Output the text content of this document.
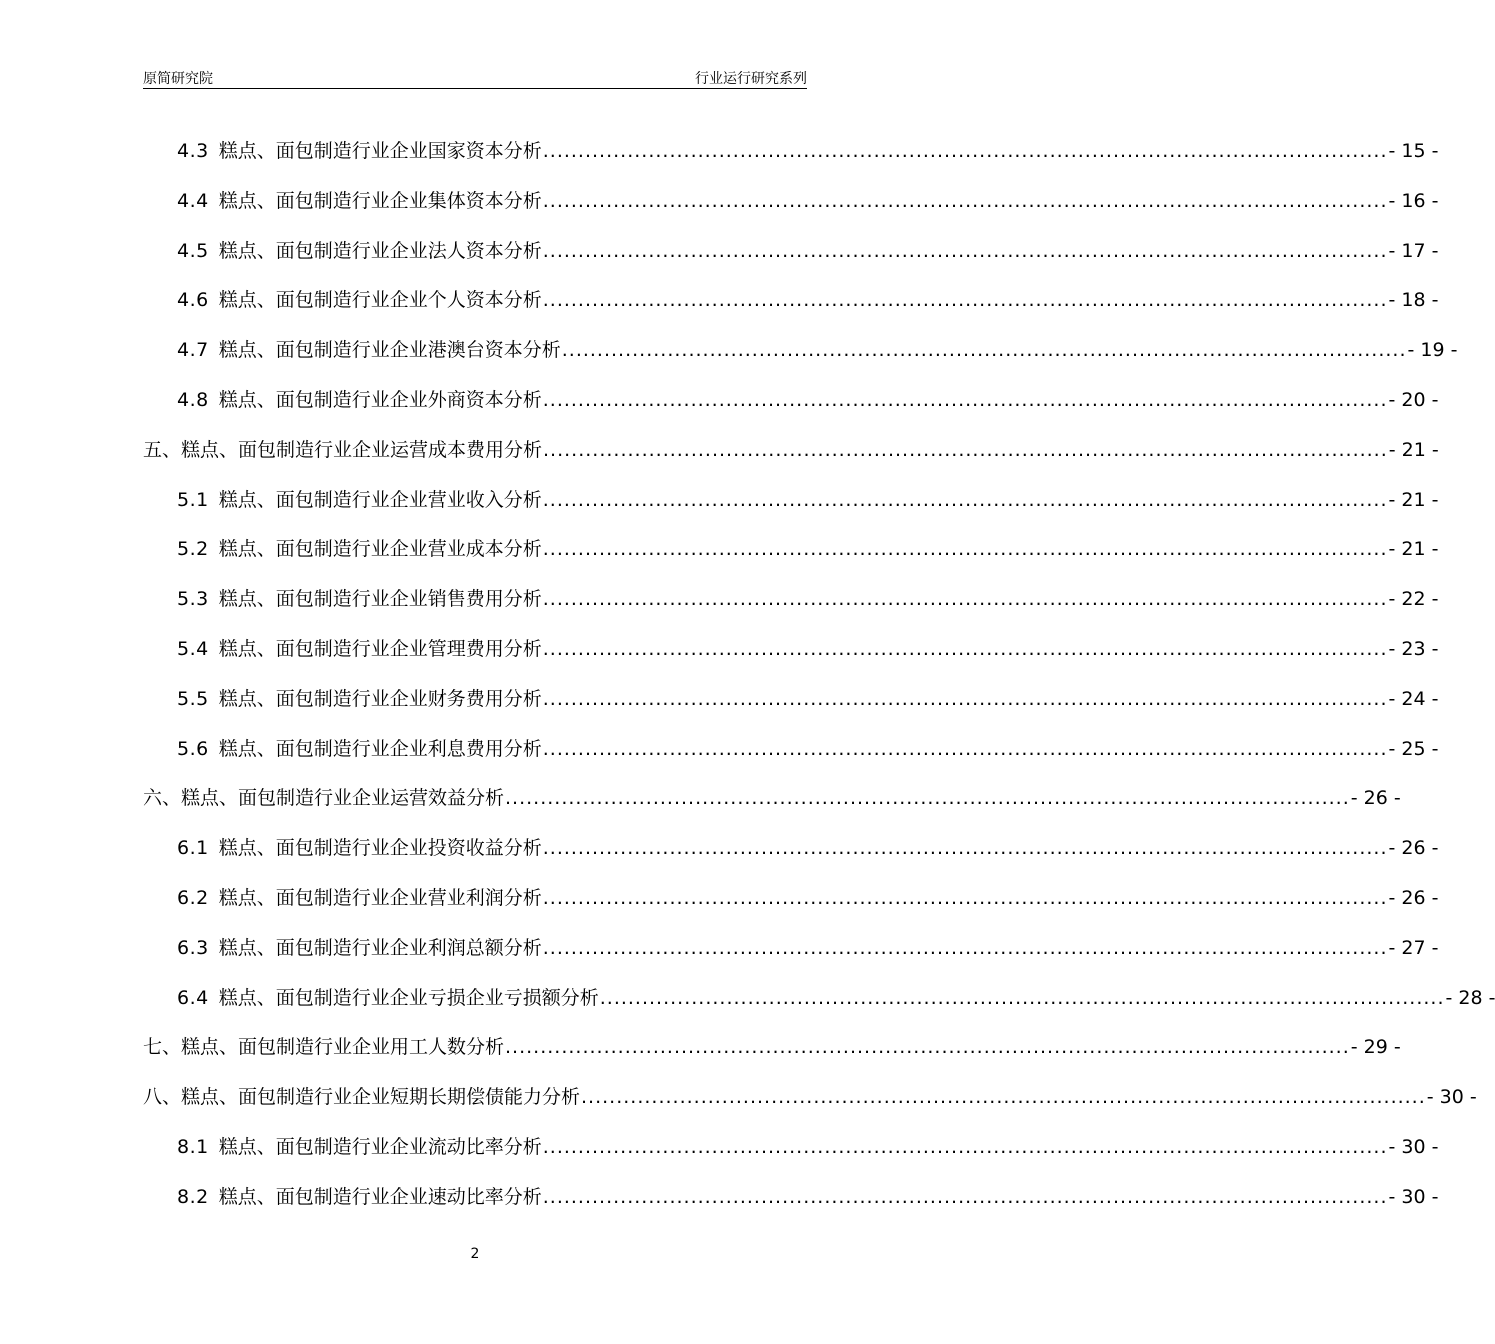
原简研究院	行业运行研究系列
4.3 糕点、面包制造行业企业国家资本分析 ........................................................................................................................ - 15 -
4.4 糕点、面包制造行业企业集体资本分析 ........................................................................................................................ - 16 -
4.5 糕点、面包制造行业企业法人资本分析 ........................................................................................................................ - 17 -
4.6 糕点、面包制造行业企业个人资本分析 ........................................................................................................................ - 18 -
4.7 糕点、面包制造行业企业港澳台资本分析 ........................................................................................................................ - 19 -
4.8 糕点、面包制造行业企业外商资本分析 ........................................................................................................................ - 20 -
五、糕点、面包制造行业企业运营成本费用分析 ........................................................................................................................ - 21 -
5.1 糕点、面包制造行业企业营业收入分析 ........................................................................................................................ - 21 -
5.2 糕点、面包制造行业企业营业成本分析 ........................................................................................................................ - 21 -
5.3 糕点、面包制造行业企业销售费用分析 ........................................................................................................................ - 22 -
5.4 糕点、面包制造行业企业管理费用分析 ........................................................................................................................ - 23 -
5.5 糕点、面包制造行业企业财务费用分析 ........................................................................................................................ - 24 -
5.6 糕点、面包制造行业企业利息费用分析 ........................................................................................................................ - 25 -
六、糕点、面包制造行业企业运营效益分析 ........................................................................................................................ - 26 -
6.1 糕点、面包制造行业企业投资收益分析 ........................................................................................................................ - 26 -
6.2 糕点、面包制造行业企业营业利润分析 ........................................................................................................................ - 26 -
6.3 糕点、面包制造行业企业利润总额分析 ........................................................................................................................ - 27 -
6.4 糕点、面包制造行业企业亏损企业亏损额分析 ........................................................................................................................ - 28 -
七、糕点、面包制造行业企业用工人数分析 ........................................................................................................................ - 29 -
八、糕点、面包制造行业企业短期长期偿债能力分析 ........................................................................................................................ - 30 -
8.1 糕点、面包制造行业企业流动比率分析 ........................................................................................................................ - 30 -
8.2 糕点、面包制造行业企业速动比率分析 ........................................................................................................................ - 30 -
2
